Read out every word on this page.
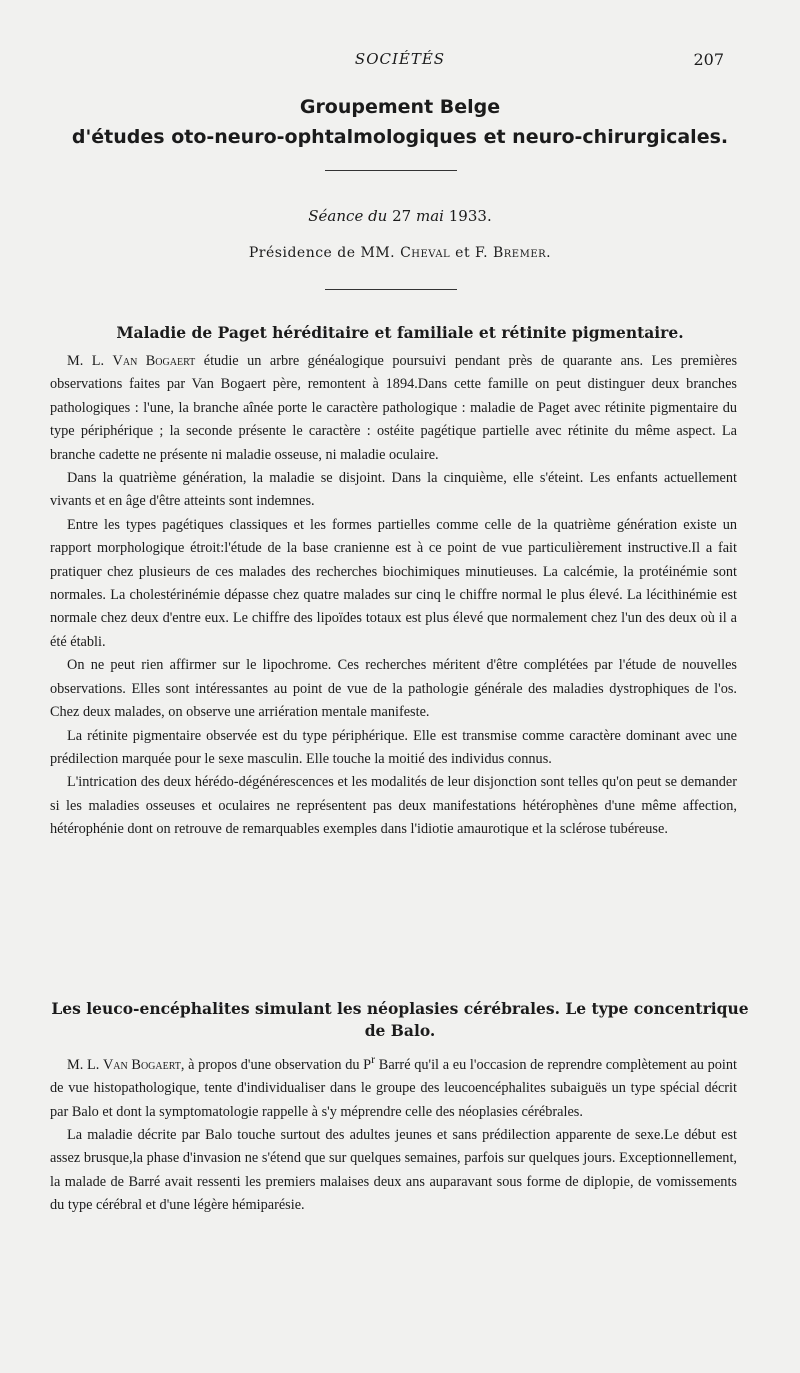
SOCIÉTÉS	207
Groupement Belge
d'études oto-neuro-ophtalmologiques et neuro-chirurgicales.
Séance du 27 mai 1933.
Présidence de MM. Cheval et F. Bremer.
Maladie de Paget héréditaire et familiale et rétinite pigmentaire.

M. L. Van Bogaert étudie un arbre généalogique poursuivi pendant près de quarante ans. Les premières observations faites par Van Bogaert père, remontent à 1894.Dans cette famille on peut distinguer deux branches pathologiques : l'une, la branche aînée porte le caractère pathologique : maladie de Paget avec rétinite pigmentaire du type périphérique ; la seconde présente le caractère : ostéite pagétique partielle avec rétinite du même aspect. La branche cadette ne présente ni maladie osseuse, ni maladie oculaire.

Dans la quatrième génération, la maladie se disjoint. Dans la cinquième, elle s'éteint. Les enfants actuellement vivants et en âge d'être atteints sont indemnes.

Entre les types pagétiques classiques et les formes partielles comme celle de la quatrième génération existe un rapport morphologique étroit:l'étude de la base cranienne est à ce point de vue particulièrement instructive.Il a fait pratiquer chez plusieurs de ces malades des recherches biochimiques minutieuses. La calcémie, la protéinémie sont normales. La cholestérinémie dépasse chez quatre malades sur cinq le chiffre normal le plus élevé. La lécithinémie est normale chez deux d'entre eux. Le chiffre des lipoïdes totaux est plus élevé que normalement chez l'un des deux où il a été établi.

On ne peut rien affirmer sur le lipochrome. Ces recherches méritent d'être complétées par l'étude de nouvelles observations. Elles sont intéressantes au point de vue de la pathologie générale des maladies dystrophiques de l'os. Chez deux malades, on observe une arriération mentale manifeste.

La rétinite pigmentaire observée est du type périphérique. Elle est transmise comme caractère dominant avec une prédilection marquée pour le sexe masculin. Elle touche la moitié des individus connus.

L'intrication des deux hérédo-dégénérescences et les modalités de leur disjonction sont telles qu'on peut se demander si les maladies osseuses et oculaires ne représentent pas deux manifestations hétérophènes d'une même affection, hétérophénie dont on retrouve de remarquables exemples dans l'idiotie amaurotique et la sclérose tubéreuse.

Les leuco-encéphalites simulant les néoplasies cérébrales. Le type concentrique de Balo.

M. L. Van Bogaert, à propos d'une observation du $P^r$ Barré qu'il a eu l'occasion de reprendre complètement au point de vue histopathologique, tente d'individualiser dans le groupe des leucoencéphalites subaiguës un type spécial décrit par Balo et dont la symptomatologie rappelle à s'y méprendre celle des néoplasies cérébrales.

La maladie décrite par Balo touche surtout des adultes jeunes et sans prédilection apparente de sexe.Le début est assez brusque,la phase d'invasion ne s'étend que sur quelques semaines, parfois sur quelques jours. Exceptionnellement, la malade de Barré avait ressenti les premiers malaises deux ans auparavant sous forme de diplopie, de vomissements du type cérébral et d'une légère hémiparésie.
